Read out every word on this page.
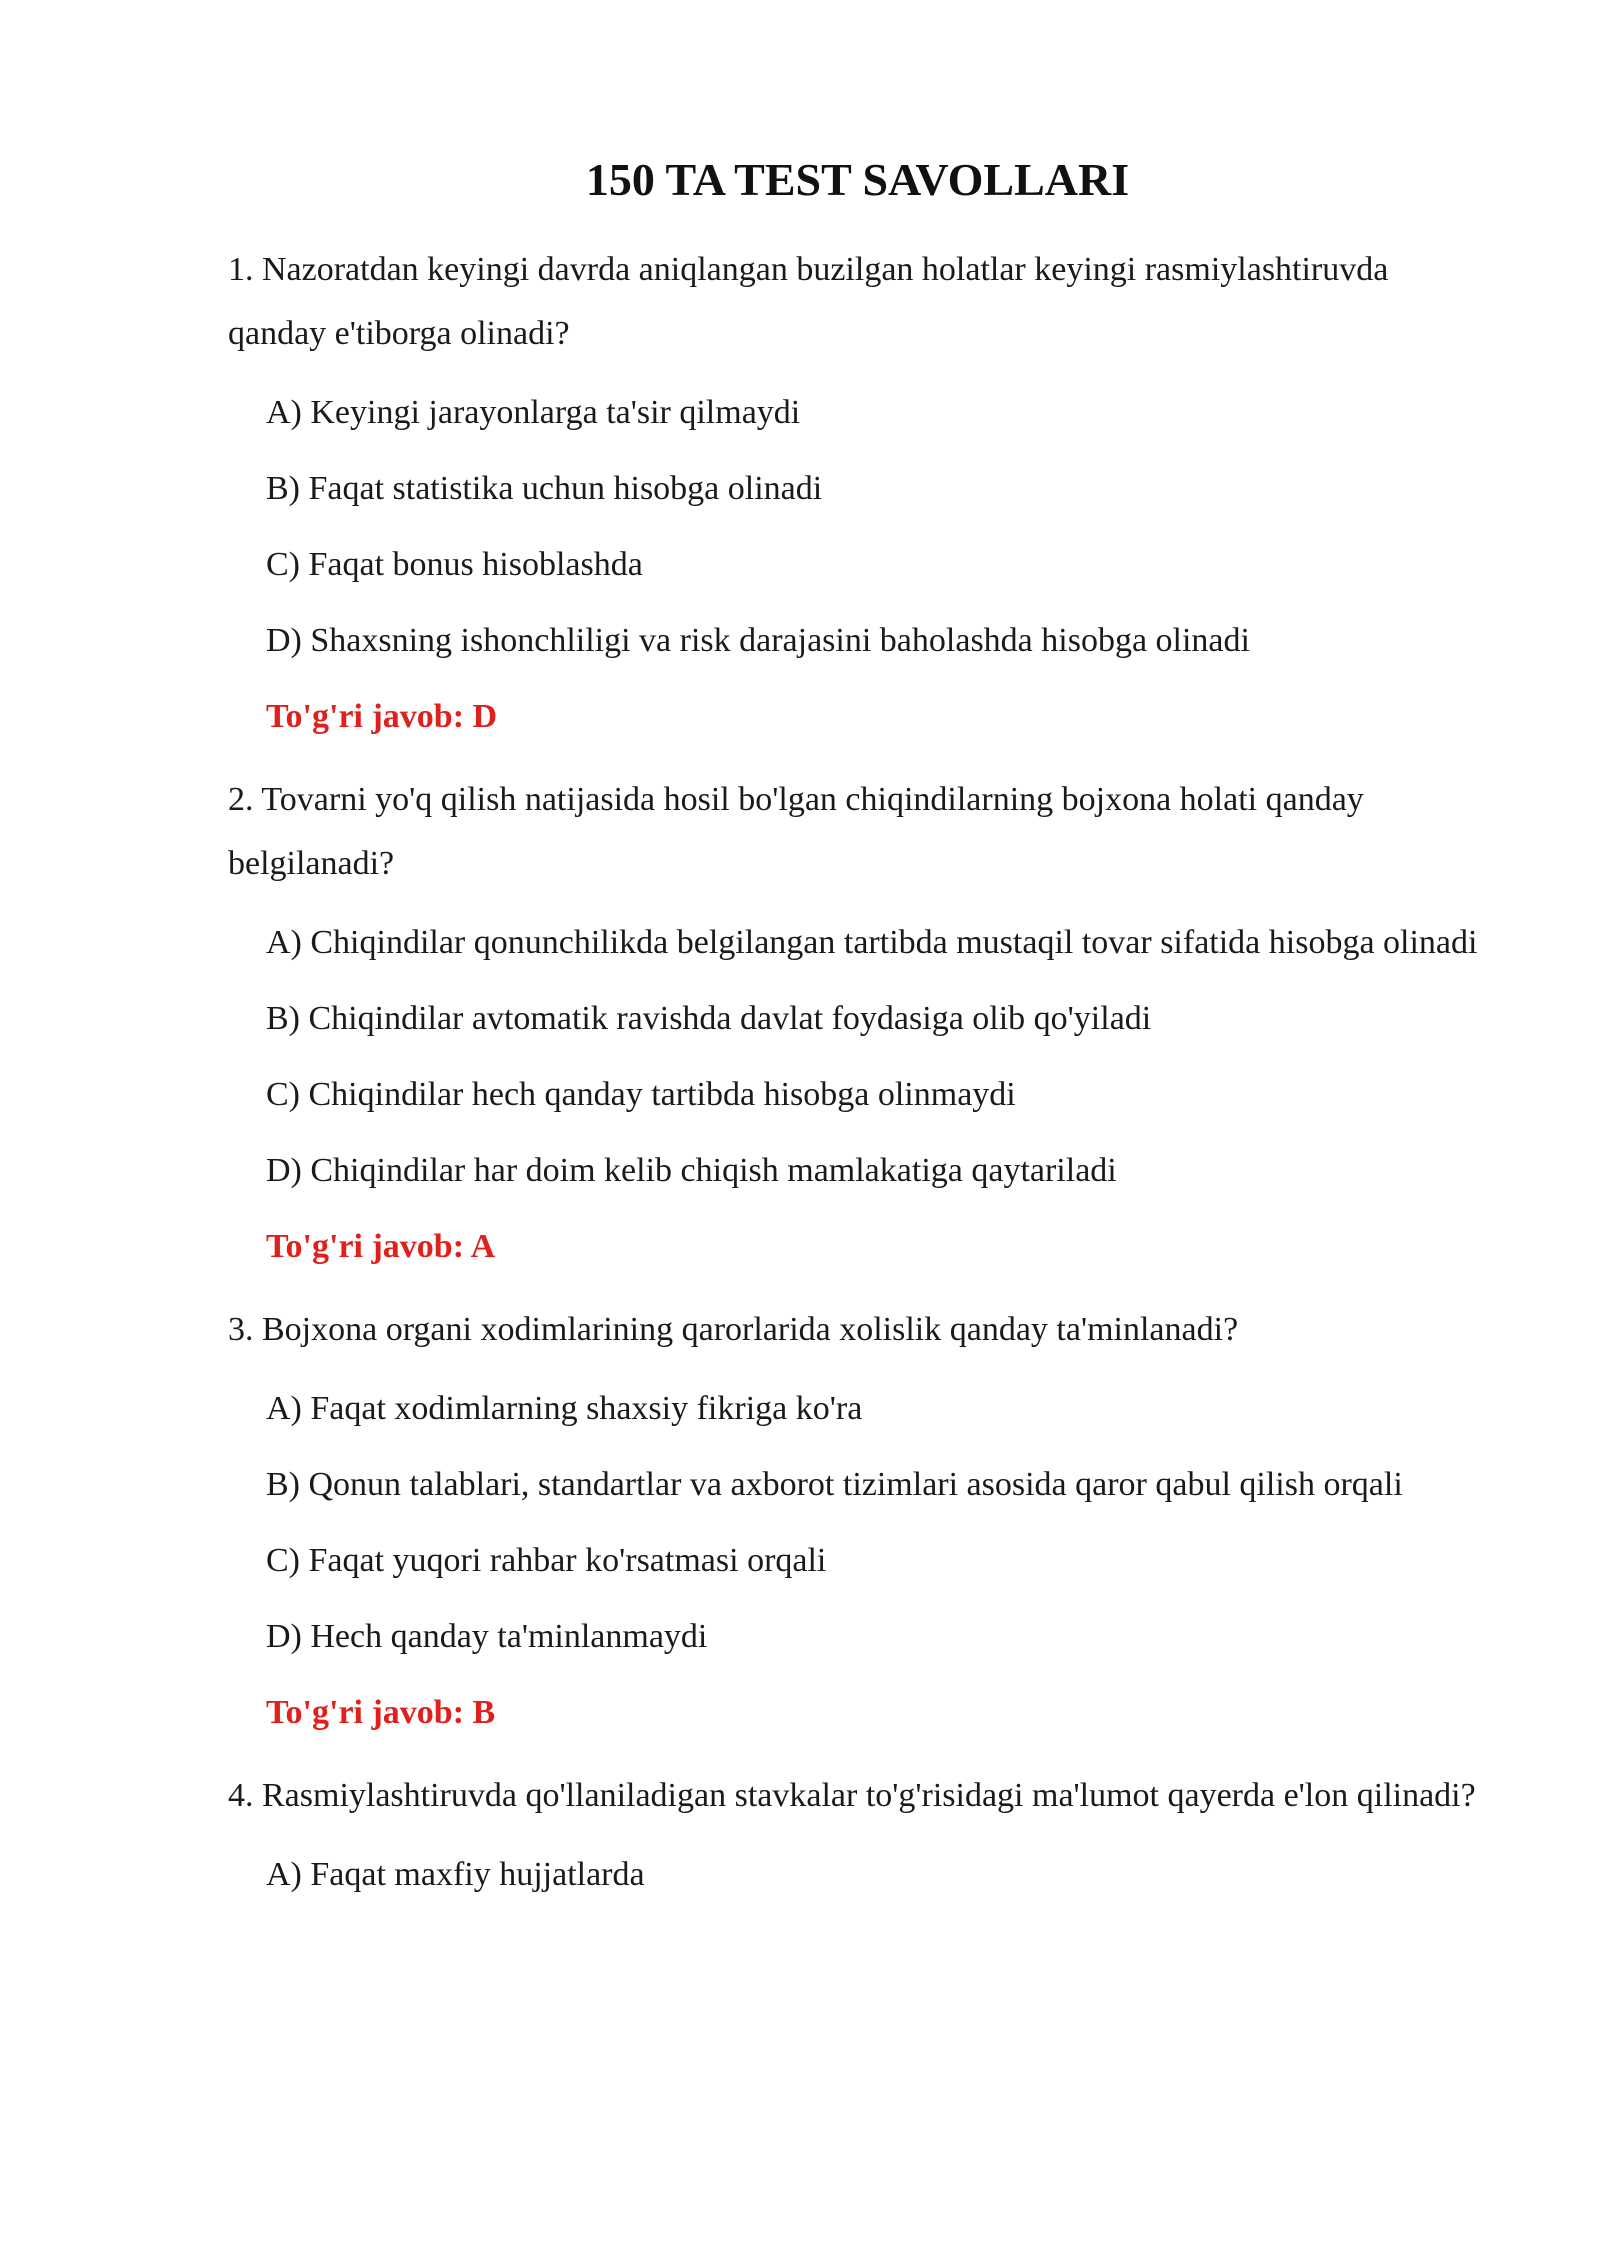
150 TA TEST SAVOLLARI

1. Nazoratdan keyingi davrda aniqlangan buzilgan holatlar keyingi rasmiylashtiruvda qanday e'tiborga olinadi?

A) Keyingi jarayonlarga ta'sir qilmaydi
B) Faqat statistika uchun hisobga olinadi
C) Faqat bonus hisoblashda
D) Shaxsning ishonchliligi va risk darajasini baholashda hisobga olinadi

To'g'ri javob: D

2. Tovarni yo'q qilish natijasida hosil bo'lgan chiqindilarning bojxona holati qanday belgilanadi?

A) Chiqindilar qonunchilikda belgilangan tartibda mustaqil tovar sifatida hisobga olinadi
B) Chiqindilar avtomatik ravishda davlat foydasiga olib qo'yiladi
C) Chiqindilar hech qanday tartibda hisobga olinmaydi
D) Chiqindilar har doim kelib chiqish mamlakatiga qaytariladi

To'g'ri javob: A

3. Bojxona organi xodimlarining qarorlarida xolislik qanday ta'minlanadi?

A) Faqat xodimlarning shaxsiy fikriga ko'ra
B) Qonun talablari, standartlar va axborot tizimlari asosida qaror qabul qilish orqali
C) Faqat yuqori rahbar ko'rsatmasi orqali
D) Hech qanday ta'minlanmaydi

To'g'ri javob: B

4. Rasmiylashtiruvda qo'llaniladigan stavkalar to'g'risidagi ma'lumot qayerda e'lon qilinadi?

A) Faqat maxfiy hujjatlarda
